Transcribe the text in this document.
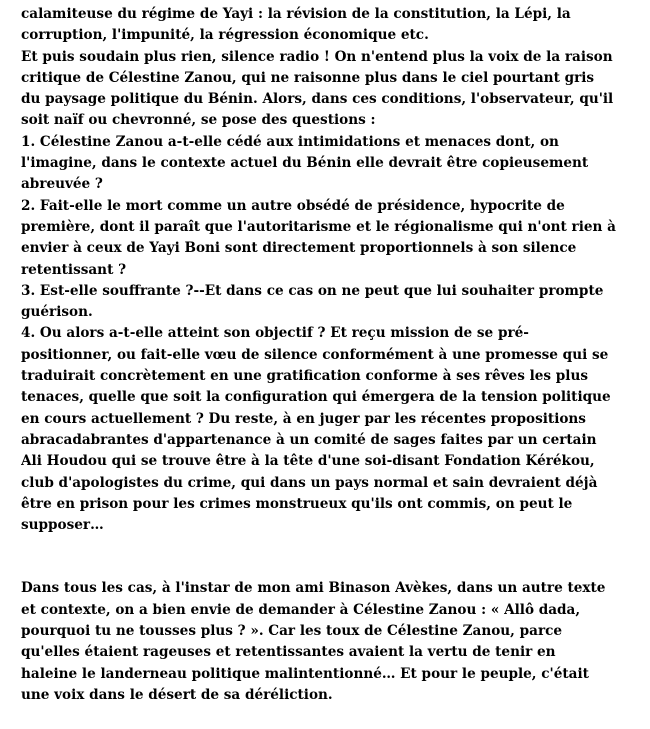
calamiteuse du régime de Yayi : la révision de la constitution, la Lépi, la
corruption, l'impunité, la régression économique etc.
Et puis soudain plus rien, silence radio ! On n'entend plus la voix de la raison
critique de Célestine Zanou, qui ne raisonne plus dans le ciel pourtant gris
du paysage politique du Bénin. Alors, dans ces conditions, l'observateur, qu'il
soit naïf ou chevronné, se pose des questions :
1. Célestine Zanou a-t-elle cédé aux intimidations et menaces dont, on
l'imagine, dans le contexte actuel du Bénin elle devrait être copieusement
abreuvée ?
2. Fait-elle le mort comme un autre obsédé de présidence, hypocrite de
première, dont il paraît que l'autoritarisme et le régionalisme qui n'ont rien à
envier à ceux de Yayi Boni sont directement proportionnels à son silence
retentissant ?
3. Est-elle souffrante ?--Et dans ce cas on ne peut que lui souhaiter prompte
guérison.
4. Ou alors a-t-elle atteint son objectif ? Et reçu mission de se pré-
positionner, ou fait-elle vœu de silence conformément à une promesse qui se
traduirait concrètement en une gratification conforme à ses rêves les plus
tenaces, quelle que soit la configuration qui émergera de la tension politique
en cours actuellement ? Du reste, à en juger par les récentes propositions
abracadabrantes d'appartenance à un comité de sages faites par un certain
Ali Houdou qui se trouve être à la tête d'une soi-disant Fondation Kérékou,
club d'apologistes du crime, qui dans un pays normal et sain devraient déjà
être en prison pour les crimes monstrueux qu'ils ont commis, on peut le
supposer…
Dans tous les cas, à l'instar de mon ami Binason Avèkes, dans un autre texte
et contexte, on a bien envie de demander à Célestine Zanou : « Allô dada,
pourquoi tu ne tousses plus ? ». Car les toux de Célestine Zanou, parce
qu'elles étaient rageuses et retentissantes avaient la vertu de tenir en
haleine le landerneau politique malintentionné… Et pour le peuple, c'était
une voix dans le désert de sa déréliction.
